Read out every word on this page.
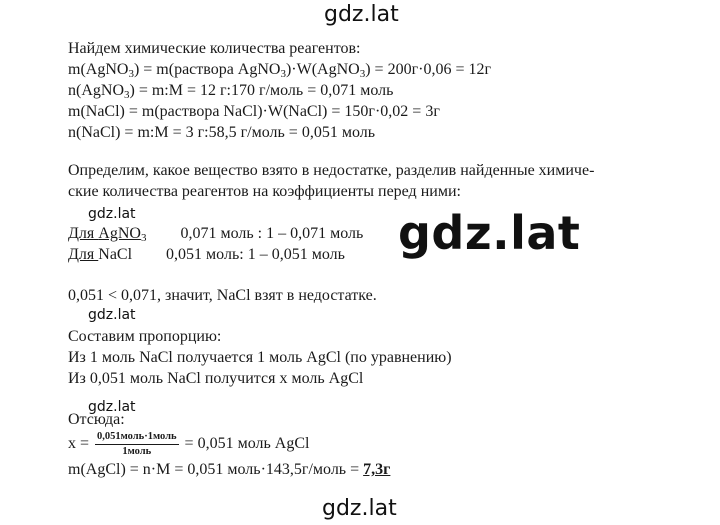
gdz.lat
Найдем химические количества реагентов:
m(AgNO$_3$) = m(раствора AgNO$_3$)·W(AgNO$_3$) = 200г·0,06 = 12г
n(AgNO$_3$) = m:M = 12 г:170 г/моль = 0,071 моль
m(NaCl) = m(раствора NaCl)·W(NaCl) = 150г·0,02 = 3г
n(NaCl) = m:M = 3 г:58,5 г/моль = 0,051 моль
Определим, какое вещество взято в недостатке, разделив найденные химиче-
ские количества реагентов на коэффициенты перед ними:
gdz.lat
Для AgNO$_3$ 0,071 моль : 1 – 0,071 моль
Для NaCl 0,051 моль: 1 – 0,051 моль gdz.lat
0,051 < 0,071, значит, NaCl взят в недостатке.
gdz.lat
Составим пропорцию:
Из 1 моль NaCl получается 1 моль AgCl (по уравнению)
Из 0,051 моль NaCl получится х моль AgCl
gdz.lat
Отсюда:
$x = \frac{\text{0,051моль·1моль}}{\text{1моль}} = 0,051$ моль AgCl
m(AgCl) = n·M = 0,051 моль·143,5г/моль = 7,3г
gdz.lat
